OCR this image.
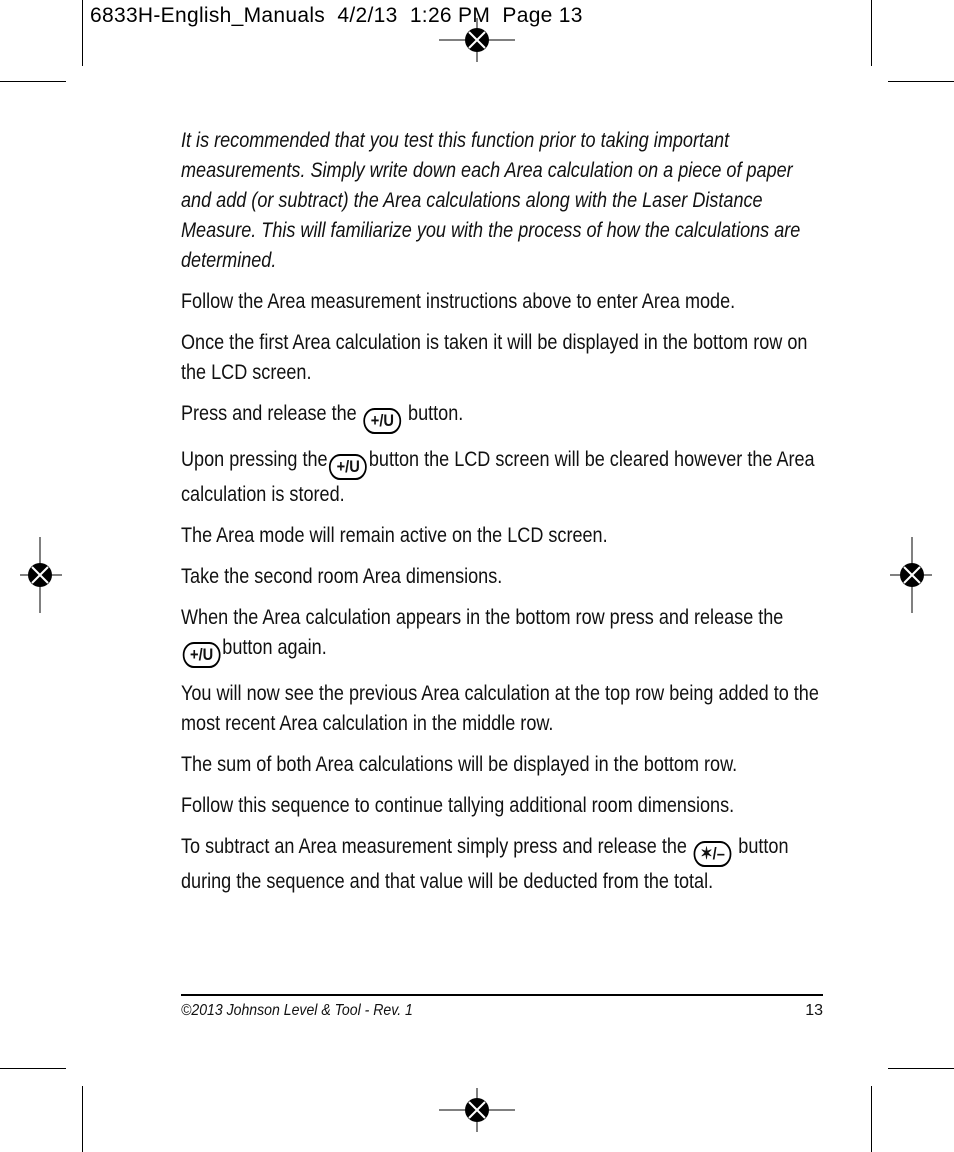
6833H-English_Manuals  4/2/13  1:26 PM  Page 13

It is recommended that you test this function prior to taking important measurements. Simply write down each Area calculation on a piece of paper and add (or subtract) the Area calculations along with the Laser Distance Measure. This will familiarize you with the process of how the calculations are determined.

Follow the Area measurement instructions above to enter Area mode.

Once the first Area calculation is taken it will be displayed in the bottom row on the LCD screen.

Press and release the +/U button.

Upon pressing the +/U button the LCD screen will be cleared however the Area calculation is stored.

The Area mode will remain active on the LCD screen.

Take the second room Area dimensions.

When the Area calculation appears in the bottom row press and release the +/U button again.

You will now see the previous Area calculation at the top row being added to the most recent Area calculation in the middle row.

The sum of both Area calculations will be displayed in the bottom row.

Follow this sequence to continue tallying additional room dimensions.

To subtract an Area measurement simply press and release the ✶/– button during the sequence and that value will be deducted from the total.

©2013 Johnson Level & Tool - Rev. 1	13
